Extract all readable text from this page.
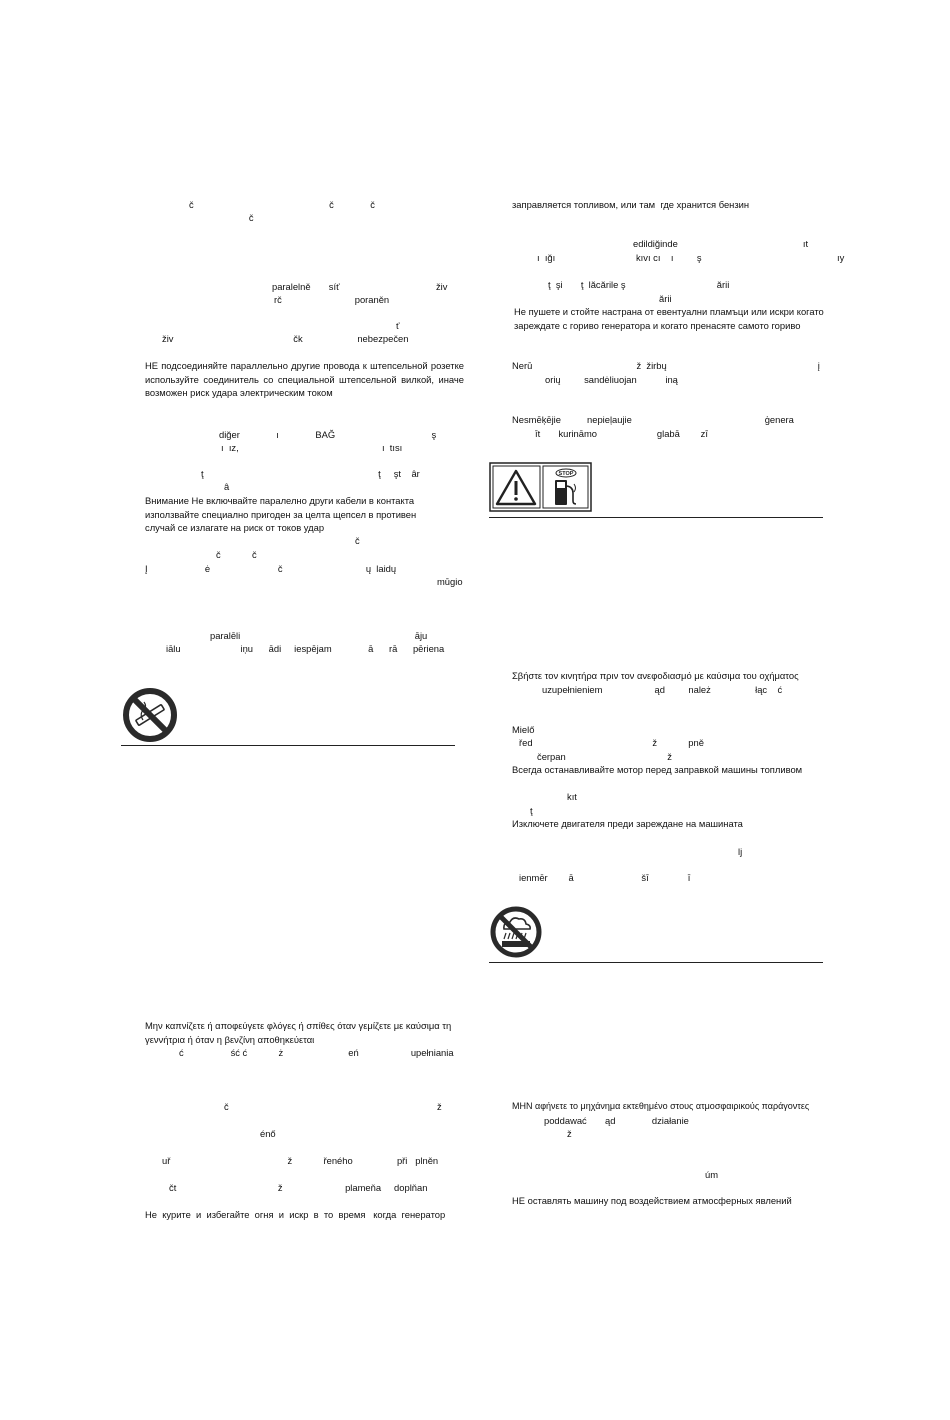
č                                                    č              č
č
paralelně       síť                                     živ
rč                            poraněn
ť
živ                                              čk                     nebezpečen
НЕ подсоединяйте параллельно другие провода к штепсельной розетке используйте соединитель со специальной штепсельной вилкой, иначе возможен риск удара электрическим током
diğer              ı              BAĞ                                     ş
ı  ız,                                                       ı  tısı
ţ                                                                   ţ     şt    âr
â
Внимание Не включвайте паралелно други кабели в контакта използвайте специално пригоден за целта щепсел в противен случай се излагате на риск от токов удар
č
č            č
Į                      ė                          č                                ų  laidų
mūgio
paralēli                                                                   āju
iālu                       iņu      ādi     iespējam              ā      rā      pēriena
Μην καπνίζετε ή αποφεύγετε φλόγες ή σπίθες όταν γεμίζετε με καύσιμα τη γεννήτρια ή όταν η βενζίνη αποθηκεύεται
ć                  ść ć            ż                         eń                    upełniania
č                                                                                ž
énő
uř                                             ž            řeného                 při   plněn
čt                                       ž                        plameňa     doplňan
Не  курите  и  избегайте  огня  и  искр  в  то  время   когда  генератор
заправляется топливом, или там  где хранится бензин
edildiğinde                                                ıt
ı  ığı                               kıvı cı    ı         ş                                                    ıy
ţ  şi       ţ  lăcările ş                                   ării
ării
Не пушете и стойте настрана от евентуални пламъци или искри когато зареждате с гориво генератора и когато пренасяте самото гориво
Nerū                                        ž  žirbų                                                          į
orių         sandėliuojan           iną
Nesmēķējie          nepieļaujie                                                   ģenera
īt       kurināmo                       glabā        zī
STOP
Σβήστε τον κινητήρα πριν τον ανεφοδιασμό με καύσιμα του οχήματος
uzupełnieniem                    ąd         należ                 łąc    ć
Mielő
řed                                              ž            pně
čerpan                                       ž
Всегда останавливайте мотор перед заправкой машины топливом
kıt
ţ
Изключете двигателя преди зареждане на машината
lj
ienmēr        ā                          šī               ī
ΜΗΝ αφήνετε το μηχάνημα εκτεθημένο στους ατμοσφαιρικούς παράγοντες
poddawać       ąd              działanie
ž
úm
НЕ оставлять машину под воздействием атмосферных явлений
